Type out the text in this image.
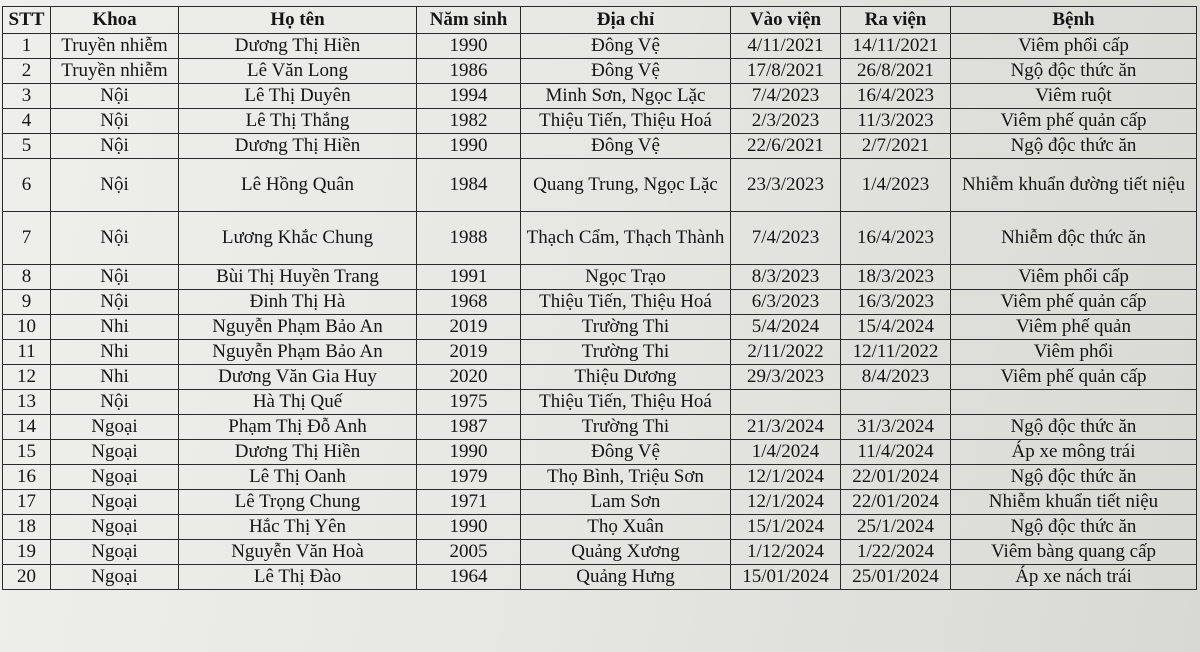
STT	Khoa	Họ tên	Năm sinh	Địa chỉ	Vào viện	Ra viện	Bệnh
1	Truyền nhiễm	Dương Thị Hiền	1990	Đông Vệ	4/11/2021	14/11/2021	Viêm phổi cấp
2	Truyền nhiễm	Lê Văn Long	1986	Đông Vệ	17/8/2021	26/8/2021	Ngộ độc thức ăn
3	Nội	Lê Thị Duyên	1994	Minh Sơn, Ngọc Lặc	7/4/2023	16/4/2023	Viêm ruột
4	Nội	Lê Thị Thắng	1982	Thiệu Tiến, Thiệu Hoá	2/3/2023	11/3/2023	Viêm phế quản cấp
5	Nội	Dương Thị Hiền	1990	Đông Vệ	22/6/2021	2/7/2021	Ngộ độc thức ăn
6	Nội	Lê Hồng Quân	1984	Quang Trung, Ngọc Lặc	23/3/2023	1/4/2023	Nhiễm khuẩn đường tiết niệu
7	Nội	Lương Khắc Chung	1988	Thạch Cẩm, Thạch Thành	7/4/2023	16/4/2023	Nhiễm độc thức ăn
8	Nội	Bùi Thị Huyền Trang	1991	Ngọc Trạo	8/3/2023	18/3/2023	Viêm phổi cấp
9	Nội	Đinh Thị Hà	1968	Thiệu Tiến, Thiệu Hoá	6/3/2023	16/3/2023	Viêm phế quản cấp
10	Nhi	Nguyễn Phạm Bảo An	2019	Trường Thi	5/4/2024	15/4/2024	Viêm phế quản
11	Nhi	Nguyễn Phạm Bảo An	2019	Trường Thi	2/11/2022	12/11/2022	Viêm phổi
12	Nhi	Dương Văn Gia Huy	2020	Thiệu Dương	29/3/2023	8/4/2023	Viêm phế quản cấp
13	Nội	Hà Thị Quế	1975	Thiệu Tiến, Thiệu Hoá			
14	Ngoại	Phạm Thị Đỗ Anh	1987	Trường Thi	21/3/2024	31/3/2024	Ngộ độc thức ăn
15	Ngoại	Dương Thị Hiền	1990	Đông Vệ	1/4/2024	11/4/2024	Áp xe mông trái
16	Ngoại	Lê Thị Oanh	1979	Thọ Bình, Triệu Sơn	12/1/2024	22/01/2024	Ngộ độc thức ăn
17	Ngoại	Lê Trọng Chung	1971	Lam Sơn	12/1/2024	22/01/2024	Nhiễm khuẩn tiết niệu
18	Ngoại	Hắc Thị Yên	1990	Thọ Xuân	15/1/2024	25/1/2024	Ngộ độc thức ăn
19	Ngoại	Nguyễn Văn Hoà	2005	Quảng Xương	1/12/2024	1/22/2024	Viêm bàng quang cấp
20	Ngoại	Lê Thị Đào	1964	Quảng Hưng	15/01/2024	25/01/2024	Áp xe nách trái
